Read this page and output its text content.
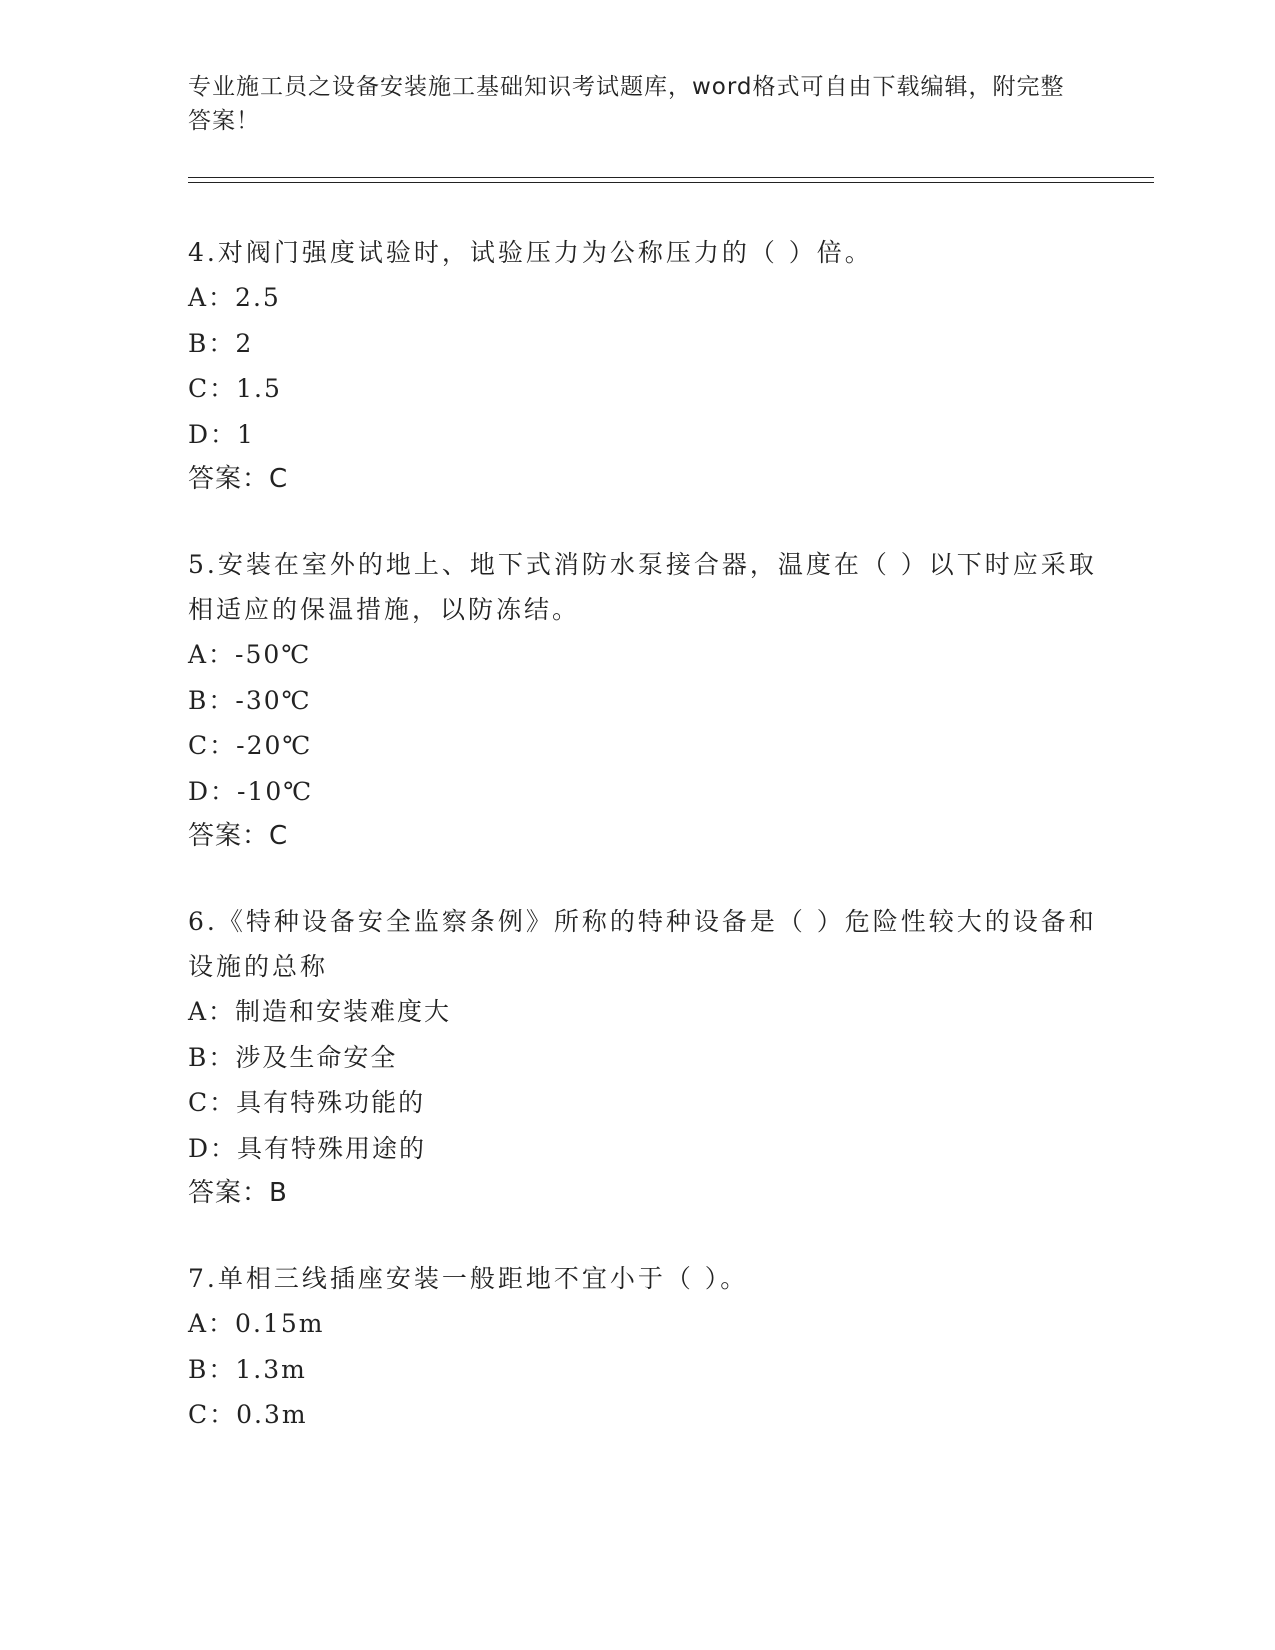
专业施工员之设备安装施工基础知识考试题库，word格式可自由下载编辑，附完整答案！
4.对阀门强度试验时，试验压力为公称压力的（ ）倍。
A：2.5
B：2
C：1.5
D：1
答案：C
5.安装在室外的地上、地下式消防水泵接合器，温度在（ ）以下时应采取相适应的保温措施，以防冻结。
A：-50℃
B：-30℃
C：-20℃
D：-10℃
答案：C
6.《特种设备安全监察条例》所称的特种设备是（ ）危险性较大的设备和设施的总称
A：制造和安装难度大
B：涉及生命安全
C：具有特殊功能的
D：具有特殊用途的
答案：B
7.单相三线插座安装一般距地不宜小于（ ）。
A：0.15m
B：1.3m
C：0.3m
